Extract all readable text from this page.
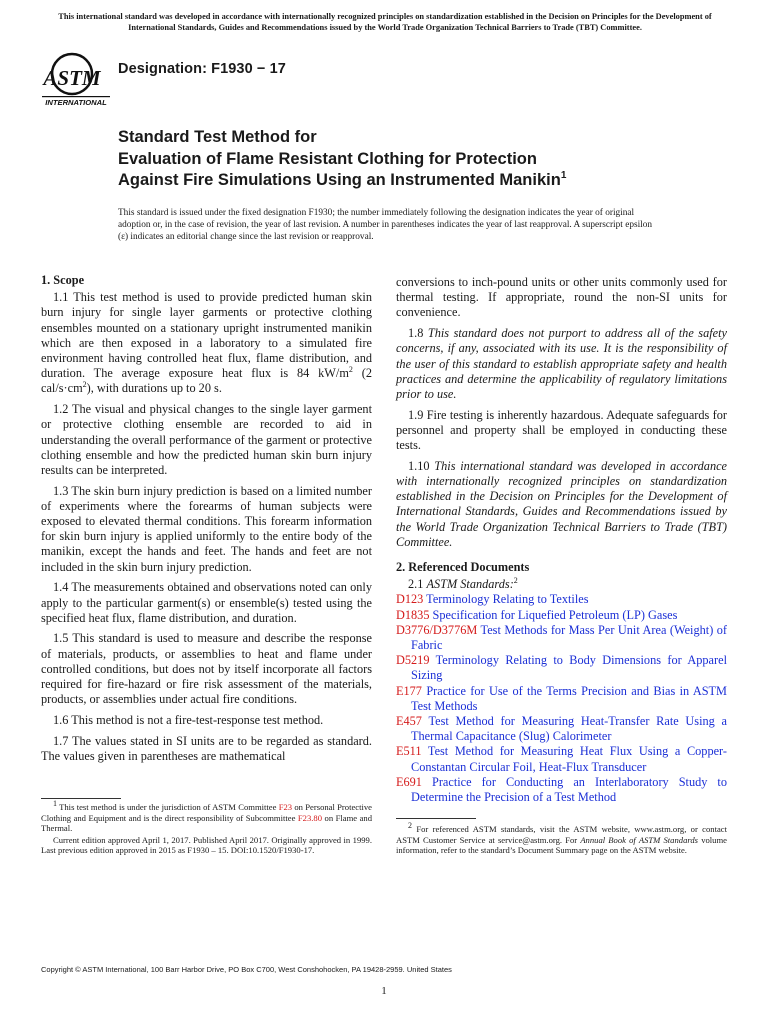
This international standard was developed in accordance with internationally recognized principles on standardization established in the Decision on Principles for the Development of International Standards, Guides and Recommendations issued by the World Trade Organization Technical Barriers to Trade (TBT) Committee.
ASTM
INTERNATIONAL
Designation: F1930 − 17
Standard Test Method for
Evaluation of Flame Resistant Clothing for Protection
Against Fire Simulations Using an Instrumented Manikin$^1$
This standard is issued under the fixed designation F1930; the number immediately following the designation indicates the year of original adoption or, in the case of revision, the year of last revision. A number in parentheses indicates the year of last reapproval. A superscript epsilon (ε) indicates an editorial change since the last revision or reapproval.
1. Scope

1.1 This test method is used to provide predicted human skin burn injury for single layer garments or protective clothing ensembles mounted on a stationary upright instrumented manikin which are then exposed in a laboratory to a simulated fire environment having controlled heat flux, flame distribution, and duration. The average exposure heat flux is 84 $kW/m^2$ (2 cal/$s\cdot cm^2$), with durations up to 20 s.

1.2 The visual and physical changes to the single layer garment or protective clothing ensemble are recorded to aid in understanding the overall performance of the garment or protective clothing ensemble and how the predicted human skin burn injury results can be interpreted.

1.3 The skin burn injury prediction is based on a limited number of experiments where the forearms of human subjects were exposed to elevated thermal conditions. This forearm information for skin burn injury is applied uniformly to the entire body of the manikin, except the hands and feet. The hands and feet are not included in the skin burn injury prediction.

1.4 The measurements obtained and observations noted can only apply to the particular garment(s) or ensemble(s) tested using the specified heat flux, flame distribution, and duration.

1.5 This standard is used to measure and describe the response of materials, products, or assemblies to heat and flame under controlled conditions, but does not by itself incorporate all factors required for fire-hazard or fire risk assessment of the materials, products, or assemblies under actual fire conditions.

1.6 This method is not a fire-test-response test method.

1.7 The values stated in SI units are to be regarded as standard. The values given in parentheses are mathematical

conversions to inch-pound units or other units commonly used for thermal testing. If appropriate, round the non-SI units for convenience.

1.8 This standard does not purport to address all of the safety concerns, if any, associated with its use. It is the responsibility of the user of this standard to establish appropriate safety and health practices and determine the applicability of regulatory limitations prior to use.

1.9 Fire testing is inherently hazardous. Adequate safeguards for personnel and property shall be employed in conducting these tests.

1.10 This international standard was developed in accordance with internationally recognized principles on standardization established in the Decision on Principles for the Development of International Standards, Guides and Recommendations issued by the World Trade Organization Technical Barriers to Trade (TBT) Committee.

2. Referenced Documents
2.1 ASTM Standards:$^2$
D123 Terminology Relating to Textiles
D1835 Specification for Liquefied Petroleum (LP) Gases
D3776/D3776M Test Methods for Mass Per Unit Area (Weight) of Fabric
D5219 Terminology Relating to Body Dimensions for Apparel Sizing
E177 Practice for Use of the Terms Precision and Bias in ASTM Test Methods
E457 Test Method for Measuring Heat-Transfer Rate Using a Thermal Capacitance (Slug) Calorimeter
E511 Test Method for Measuring Heat Flux Using a Copper-Constantan Circular Foil, Heat-Flux Transducer
E691 Practice for Conducting an Interlaboratory Study to Determine the Precision of a Test Method

$^1$ This test method is under the jurisdiction of ASTM Committee F23 on Personal Protective Clothing and Equipment and is the direct responsibility of Subcommittee F23.80 on Flame and Thermal.

Current edition approved April 1, 2017. Published April 2017. Originally approved in 1999. Last previous edition approved in 2015 as F1930 – 15. DOI:10.1520/F1930-17.

$^2$ For referenced ASTM standards, visit the ASTM website, www.astm.org, or contact ASTM Customer Service at service@astm.org. For Annual Book of ASTM Standards volume information, refer to the standard’s Document Summary page on the ASTM website.

Copyright © ASTM International, 100 Barr Harbor Drive, PO Box C700, West Conshohocken, PA 19428-2959. United States
1
